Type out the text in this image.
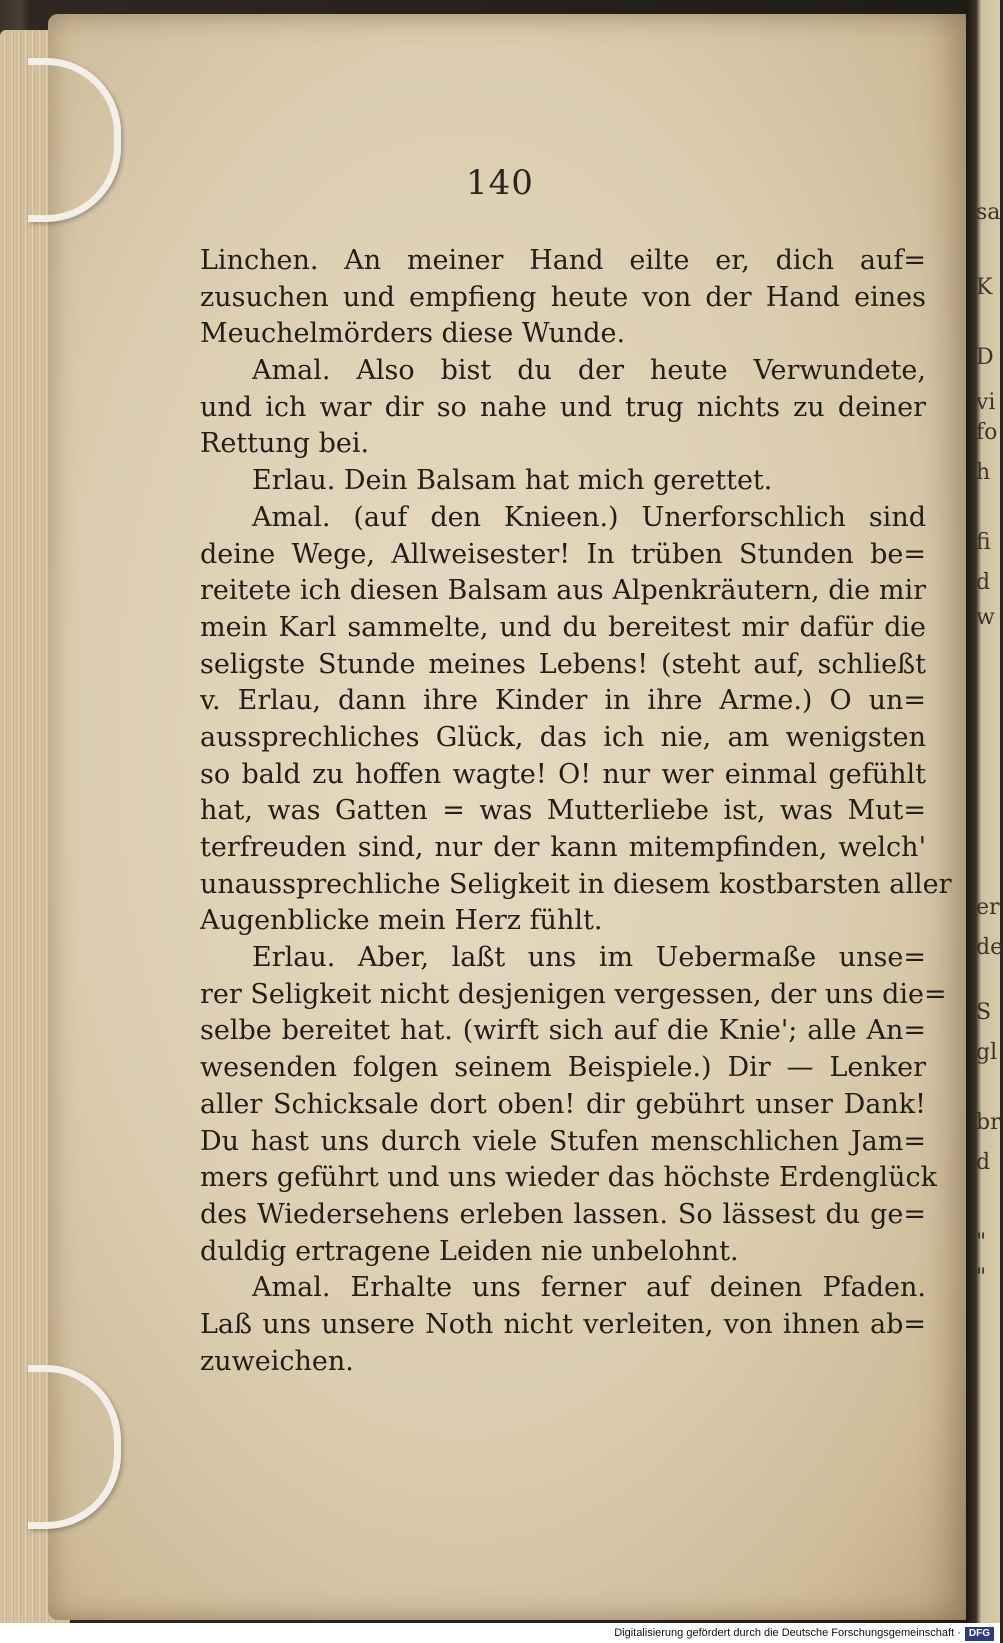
140
Linchen. An meiner Hand eilte er, dich auf=
zusuchen und empfieng heute von der Hand eines
Meuchelmörders diese Wunde.
Amal. Also bist du der heute Verwundete,
und ich war dir so nahe und trug nichts zu deiner
Rettung bei.
Erlau. Dein Balsam hat mich gerettet.
Amal. (auf den Knieen.) Unerforschlich sind
deine Wege, Allweisester! In trüben Stunden be=
reitete ich diesen Balsam aus Alpenkräutern, die mir
mein Karl sammelte, und du bereitest mir dafür die
seligste Stunde meines Lebens! (steht auf, schließt
v. Erlau, dann ihre Kinder in ihre Arme.) O un=
aussprechliches Glück, das ich nie, am wenigsten
so bald zu hoffen wagte! O! nur wer einmal gefühlt
hat, was Gatten = was Mutterliebe ist, was Mut=
terfreuden sind, nur der kann mitempfinden, welch'
unaussprechliche Seligkeit in diesem kostbarsten aller
Augenblicke mein Herz fühlt.
Erlau. Aber, laßt uns im Uebermaße unse=
rer Seligkeit nicht desjenigen vergessen, der uns die=
selbe bereitet hat. (wirft sich auf die Knie'; alle An=
wesenden folgen seinem Beispiele.) Dir — Lenker
aller Schicksale dort oben! dir gebührt unser Dank!
Du hast uns durch viele Stufen menschlichen Jam=
mers geführt und uns wieder das höchste Erdenglück
des Wiedersehens erleben lassen. So lässest du ge=
duldig ertragene Leiden nie unbelohnt.
Amal. Erhalte uns ferner auf deinen Pfaden.
Laß uns unsere Noth nicht verleiten, von ihnen ab=
zuweichen.
sa
K
D
vi
fo
h
fi
d
w
er
de
S
gl
br
d
"
"
Digitalisierung gefördert durch die Deutsche Forschungsgemeinschaft · DFG
